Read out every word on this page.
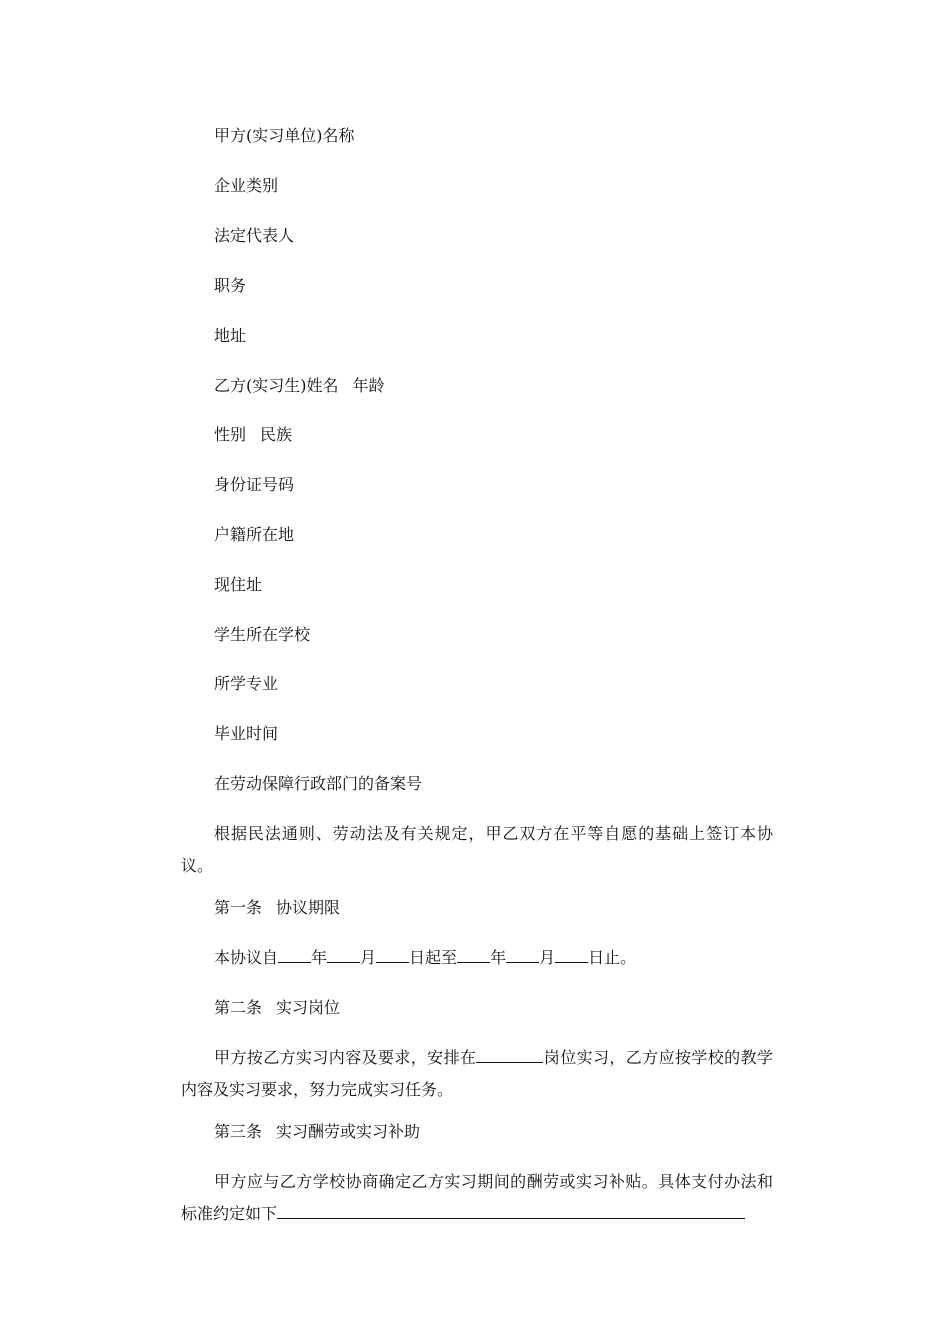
甲方(实习单位)名称
企业类别
法定代表人
职务
地址
乙方(实习生)姓名 年龄
性别 民族
身份证号码
户籍所在地
现住址
学生所在学校
所学专业
毕业时间
在劳动保障行政部门的备案号
根据民法通则、劳动法及有关规定，甲乙双方在平等自愿的基础上签订本协议。
第一条 协议期限
本协议自 年 月 日起至 年 月 日止。
第二条 实习岗位
甲方按乙方实习内容及要求，安排在	岗位实习，乙方应按学校的教学内容及实习要求，努力完成实习任务。
第三条 实习酬劳或实习补助
甲方应与乙方学校协商确定乙方实习期间的酬劳或实习补贴。具体支付办法和标准约定如下
